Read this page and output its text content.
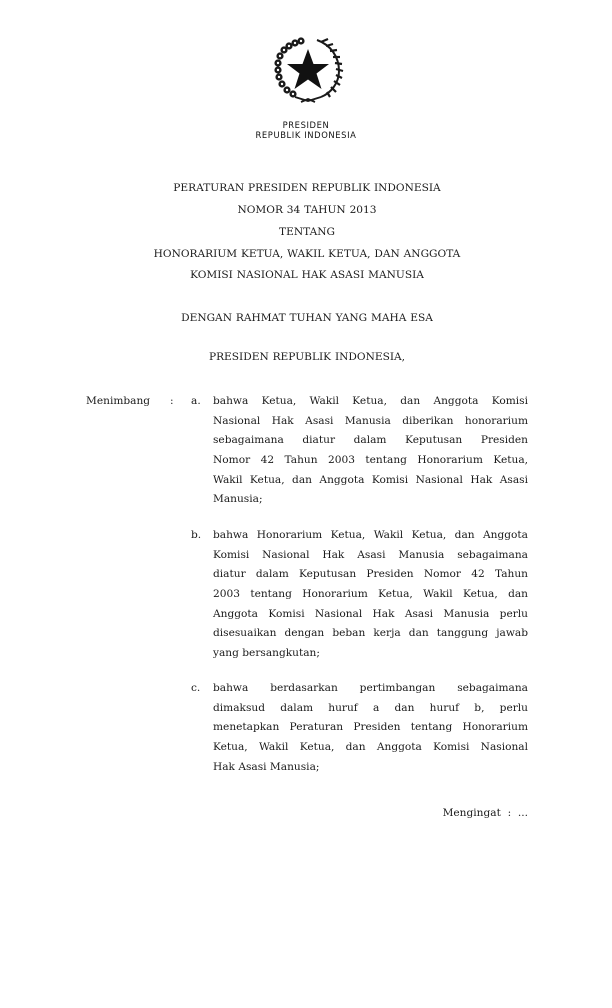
PRESIDEN
REPUBLIK INDONESIA
PERATURAN PRESIDEN REPUBLIK INDONESIA
NOMOR 34 TAHUN 2013
TENTANG
HONORARIUM KETUA, WAKIL KETUA, DAN ANGGOTA
KOMISI NASIONAL HAK ASASI MANUSIA
DENGAN RAHMAT TUHAN YANG MAHA ESA
PRESIDEN REPUBLIK INDONESIA,
Menimbang : a. bahwa Ketua, Wakil Ketua, dan Anggota Komisi
Nasional Hak Asasi Manusia diberikan honorarium
sebagaimana diatur dalam Keputusan Presiden
Nomor 42 Tahun 2003 tentang Honorarium Ketua,
Wakil Ketua, dan Anggota Komisi Nasional Hak Asasi
Manusia;
b. bahwa Honorarium Ketua, Wakil Ketua, dan Anggota
Komisi Nasional Hak Asasi Manusia sebagaimana
diatur dalam Keputusan Presiden Nomor 42 Tahun
2003 tentang Honorarium Ketua, Wakil Ketua, dan
Anggota Komisi Nasional Hak Asasi Manusia perlu
disesuaikan dengan beban kerja dan tanggung jawab
yang bersangkutan;
c. bahwa berdasarkan pertimbangan sebagaimana
dimaksud dalam huruf a dan huruf b, perlu
menetapkan Peraturan Presiden tentang Honorarium
Ketua, Wakil Ketua, dan Anggota Komisi Nasional
Hak Asasi Manusia;
Mengingat  :  ...
